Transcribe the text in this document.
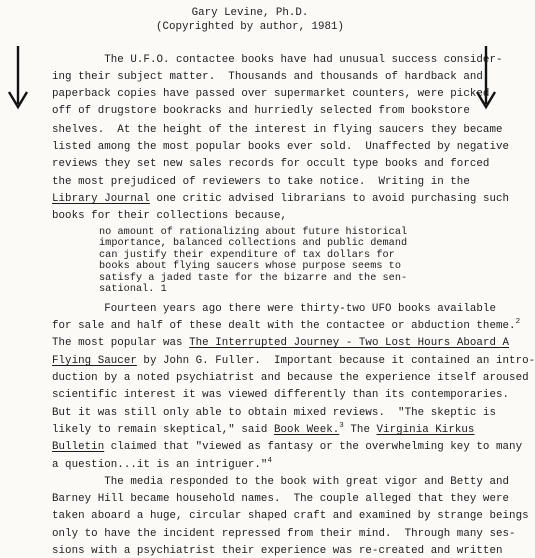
Gary Levine, Ph.D.
(Copyrighted by author, 1981)
The U.F.O. contactee books have had unusual success consider-
ing their subject matter.  Thousands and thousands of hardback and
paperback copies have passed over supermarket counters, were picked
off of drugstore bookracks and hurriedly selected from bookstore
shelves.  At the height of the interest in flying saucers they became
listed among the most popular books ever sold.  Unaffected by negative
reviews they set new sales records for occult type books and forced
the most prejudiced of reviewers to take notice.  Writing in the
Library Journal one critic advised librarians to avoid purchasing such
books for their collections because,
no amount of rationalizing about future historical
importance, balanced collections and public demand
can justify their expenditure of tax dollars for
books about flying saucers whose purpose seems to
satisfy a jaded taste for the bizarre and the sen-
sational. 1
Fourteen years ago there were thirty-two UFO books available
for sale and half of these dealt with the contactee or abduction theme.$^2$
The most popular was The Interrupted Journey - Two Lost Hours Aboard A
Flying Saucer by John G. Fuller.  Important because it contained an intro-
duction by a noted psychiatrist and because the experience itself aroused
scientific interest it was viewed differently than its contemporaries.
But it was still only able to obtain mixed reviews.  "The skeptic is
likely to remain skeptical," said Book Week.$^3$ The Virginia Kirkus
Bulletin claimed that "viewed as fantasy or the overwhelming key to many
a question...it is an intriguer."$^4$
The media responded to the book with great vigor and Betty and
Barney Hill became household names.  The couple alleged that they were
taken aboard a huge, circular shaped craft and examined by strange beings
only to have the incident repressed from their mind.  Through many ses-
sions with a psychiatrist their experience was re-created and written
